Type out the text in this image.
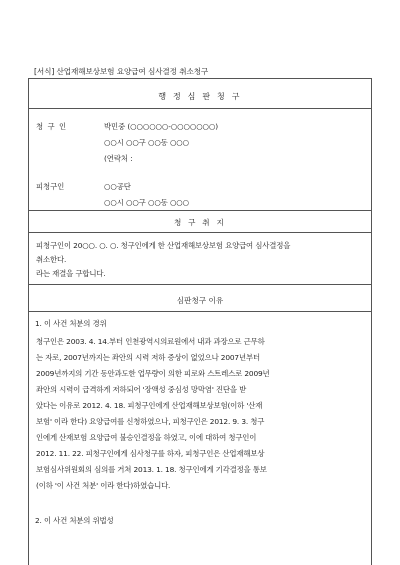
[서식] 산업재해보상보험 요양급여 심사결정 취소청구
행 정 심 판 청 구
청 구 인	박민중 (○○○○○○-○○○○○○○)
○○시 ○○구 ○○동 ○○○
(연락처 :
피청구인	○○공단
○○시 ○○구 ○○동 ○○○
청 구 취 지
피청구인이 20○○. ○. ○. 청구인에게 한 산업재해보상보험 요양급여 심사결정을
취소한다.
라는 재결을 구합니다.
심판청구 이유
1. 이 사건 처분의 경위
청구인은 2003. 4. 14.부터 인천광역시의료원에서 내과 과장으로 근무하
는 자로, 2007년까지는 좌안의 시력 저하 증상이 없었으나 2007년부터
2009년까지의 기간 동안과도한 업무량이 의한 피로와 스트레스로 2009년
좌안의 시력이 급격하게 저하되어 '장액성 중심성 망막염' 진단을 받
았다는 이유로 2012. 4. 18. 피청구인에게 산업재해보상보험(이하 '산재
보험' 이라 한다) 요양급여를 신청하였으나, 피청구인은 2012. 9. 3. 청구
인에게 산재보험 요양급여 불승인결정을 하였고, 이에 대하여 청구인이
2012. 11. 22. 피청구인에게 심사청구를 하자, 피청구인은 산업재해보상
보험심사위원회의 심의를 거쳐 2013. 1. 18. 청구인에게 기각결정을 통보
(이하 '이 사건 처분' 이라 한다)하였습니다.
2. 이 사건 처분의 위법성
